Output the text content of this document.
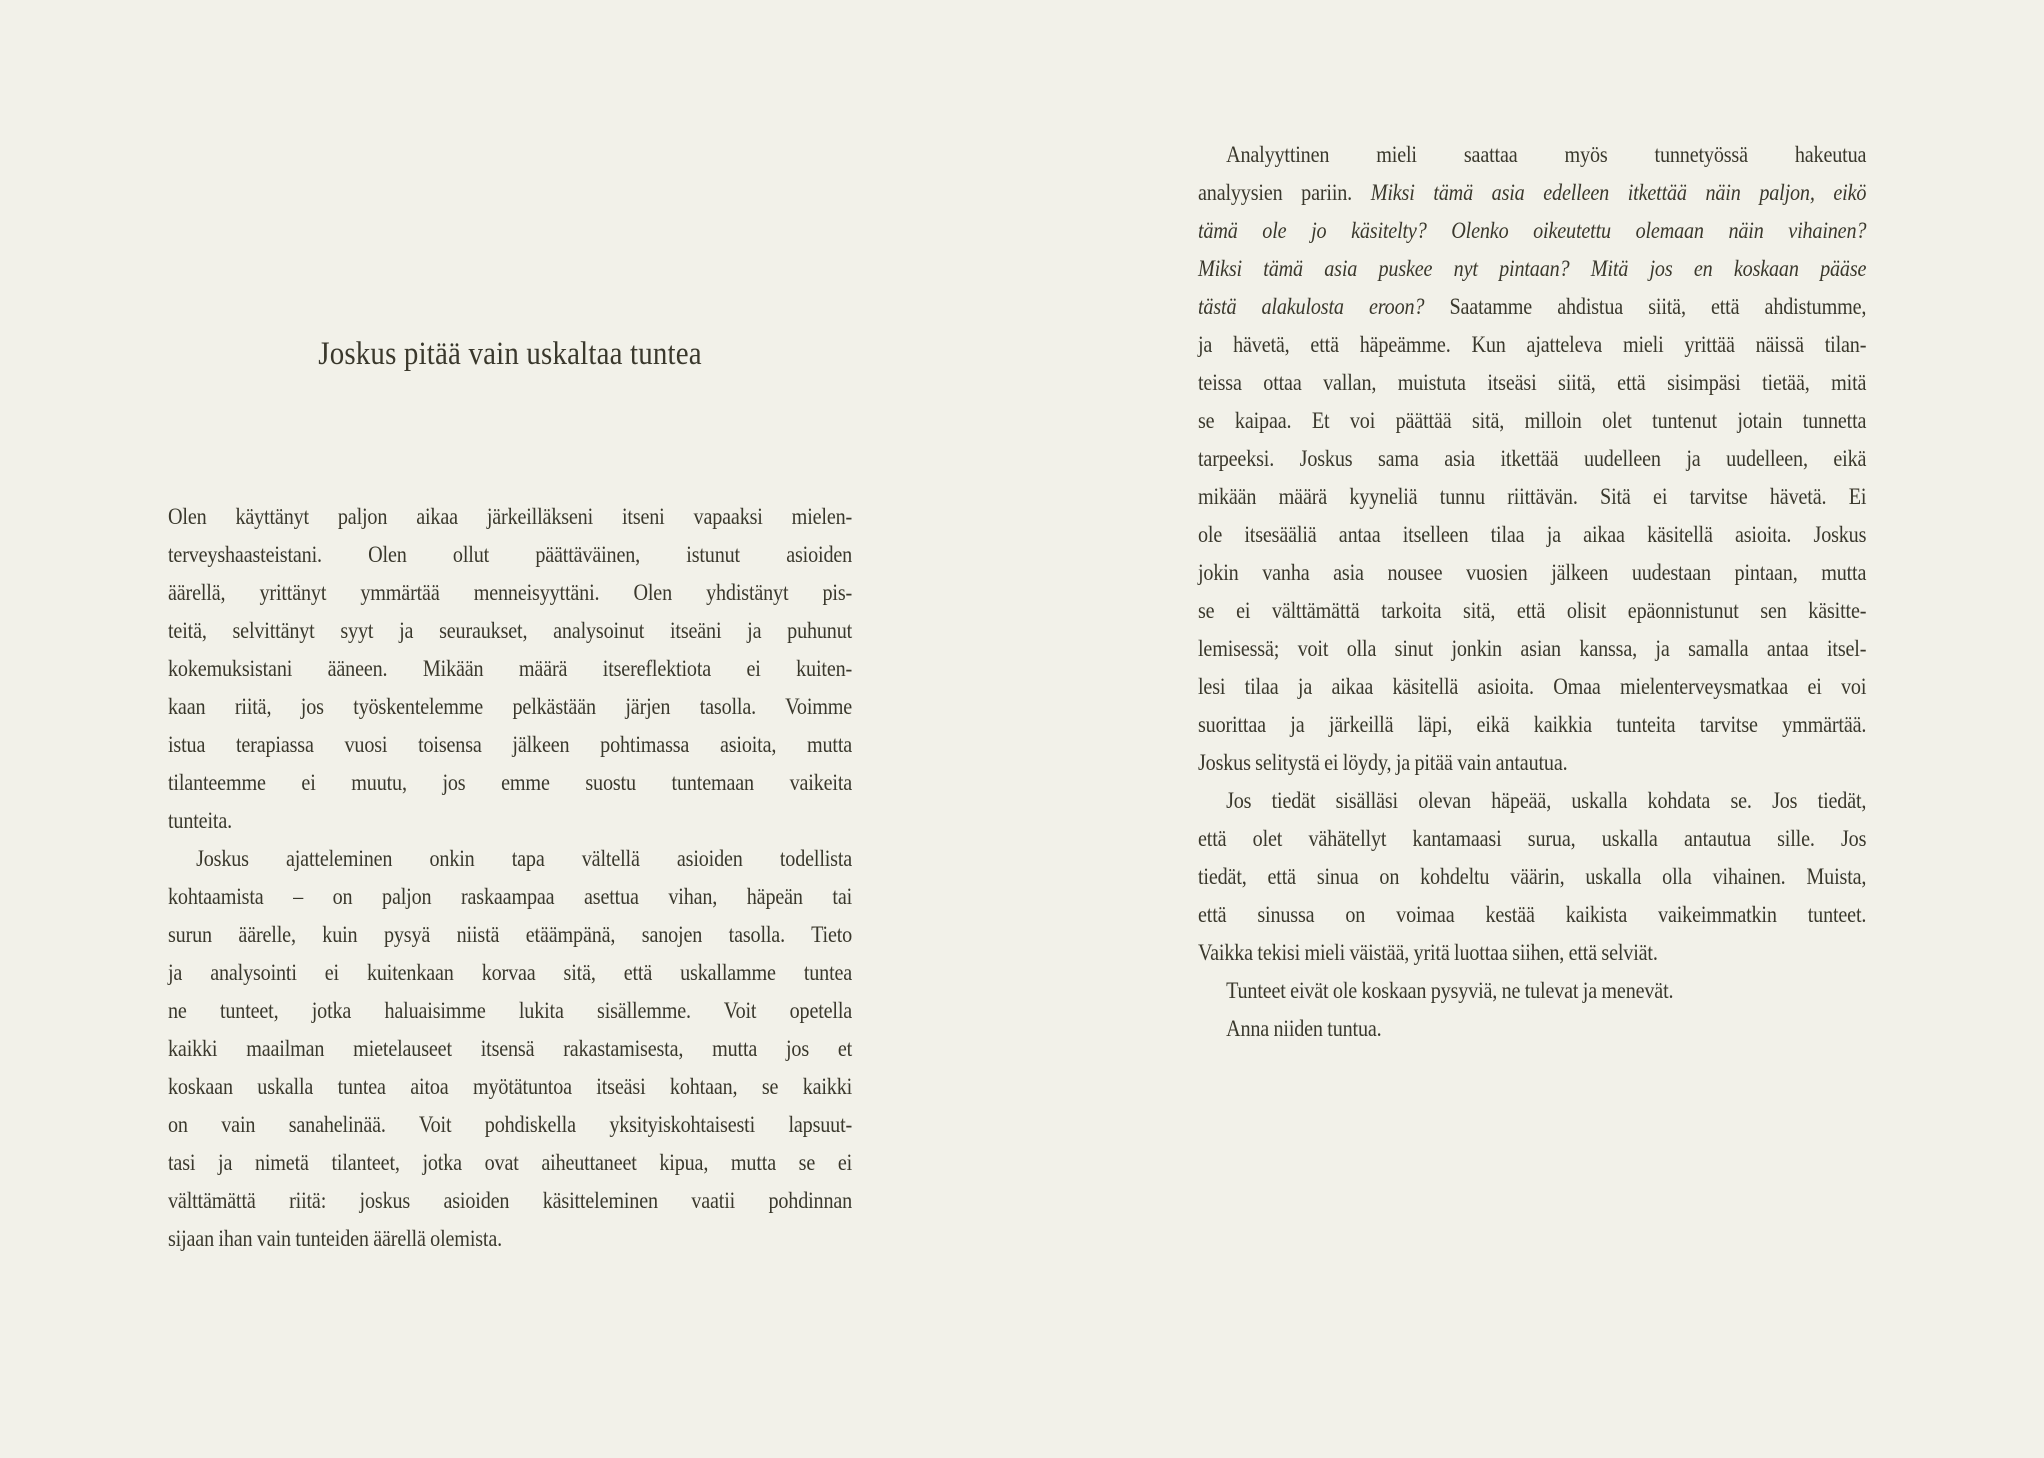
Joskus pitää vain uskaltaa tuntea
Olen käyttänyt paljon aikaa järkeilläkseni itseni vapaaksi mielen-
terveyshaasteistani. Olen ollut päättäväinen, istunut asioiden
äärellä, yrittänyt ymmärtää menneisyyttäni. Olen yhdistänyt pis-
teitä, selvittänyt syyt ja seuraukset, analysoinut itseäni ja puhunut
kokemuksistani ääneen. Mikään määrä itsereflektiota ei kuiten-
kaan riitä, jos työskentelemme pelkästään järjen tasolla. Voimme
istua terapiassa vuosi toisensa jälkeen pohtimassa asioita, mutta
tilanteemme ei muutu, jos emme suostu tuntemaan vaikeita
tunteita.
Joskus ajatteleminen onkin tapa vältellä asioiden todellista
kohtaamista – on paljon raskaampaa asettua vihan, häpeän tai
surun äärelle, kuin pysyä niistä etäämpänä, sanojen tasolla. Tieto
ja analysointi ei kuitenkaan korvaa sitä, että uskallamme tuntea
ne tunteet, jotka haluaisimme lukita sisällemme. Voit opetella
kaikki maailman mietelauseet itsensä rakastamisesta, mutta jos et
koskaan uskalla tuntea aitoa myötätuntoa itseäsi kohtaan, se kaikki
on vain sanahelinää. Voit pohdiskella yksityiskohtaisesti lapsuut-
tasi ja nimetä tilanteet, jotka ovat aiheuttaneet kipua, mutta se ei
välttämättä riitä: joskus asioiden käsitteleminen vaatii pohdinnan
sijaan ihan vain tunteiden äärellä olemista.
Analyyttinen mieli saattaa myös tunnetyössä hakeutua
analyysien pariin. Miksi tämä asia edelleen itkettää näin paljon, eikö
tämä ole jo käsitelty? Olenko oikeutettu olemaan näin vihainen?
Miksi tämä asia puskee nyt pintaan? Mitä jos en koskaan pääse
tästä alakulosta eroon? Saatamme ahdistua siitä, että ahdistumme,
ja hävetä, että häpeämme. Kun ajatteleva mieli yrittää näissä tilan-
teissa ottaa vallan, muistuta itseäsi siitä, että sisimpäsi tietää, mitä
se kaipaa. Et voi päättää sitä, milloin olet tuntenut jotain tunnetta
tarpeeksi. Joskus sama asia itkettää uudelleen ja uudelleen, eikä
mikään määrä kyyneliä tunnu riittävän. Sitä ei tarvitse hävetä. Ei
ole itsesääliä antaa itselleen tilaa ja aikaa käsitellä asioita. Joskus
jokin vanha asia nousee vuosien jälkeen uudestaan pintaan, mutta
se ei välttämättä tarkoita sitä, että olisit epäonnistunut sen käsitte-
lemisessä; voit olla sinut jonkin asian kanssa, ja samalla antaa itsel-
lesi tilaa ja aikaa käsitellä asioita. Omaa mielenterveysmatkaa ei voi
suorittaa ja järkeillä läpi, eikä kaikkia tunteita tarvitse ymmärtää.
Joskus selitystä ei löydy, ja pitää vain antautua.
Jos tiedät sisälläsi olevan häpeää, uskalla kohdata se. Jos tiedät,
että olet vähätellyt kantamaasi surua, uskalla antautua sille. Jos
tiedät, että sinua on kohdeltu väärin, uskalla olla vihainen. Muista,
että sinussa on voimaa kestää kaikista vaikeimmatkin tunteet.
Vaikka tekisi mieli väistää, yritä luottaa siihen, että selviät.
Tunteet eivät ole koskaan pysyviä, ne tulevat ja menevät.
Anna niiden tuntua.
